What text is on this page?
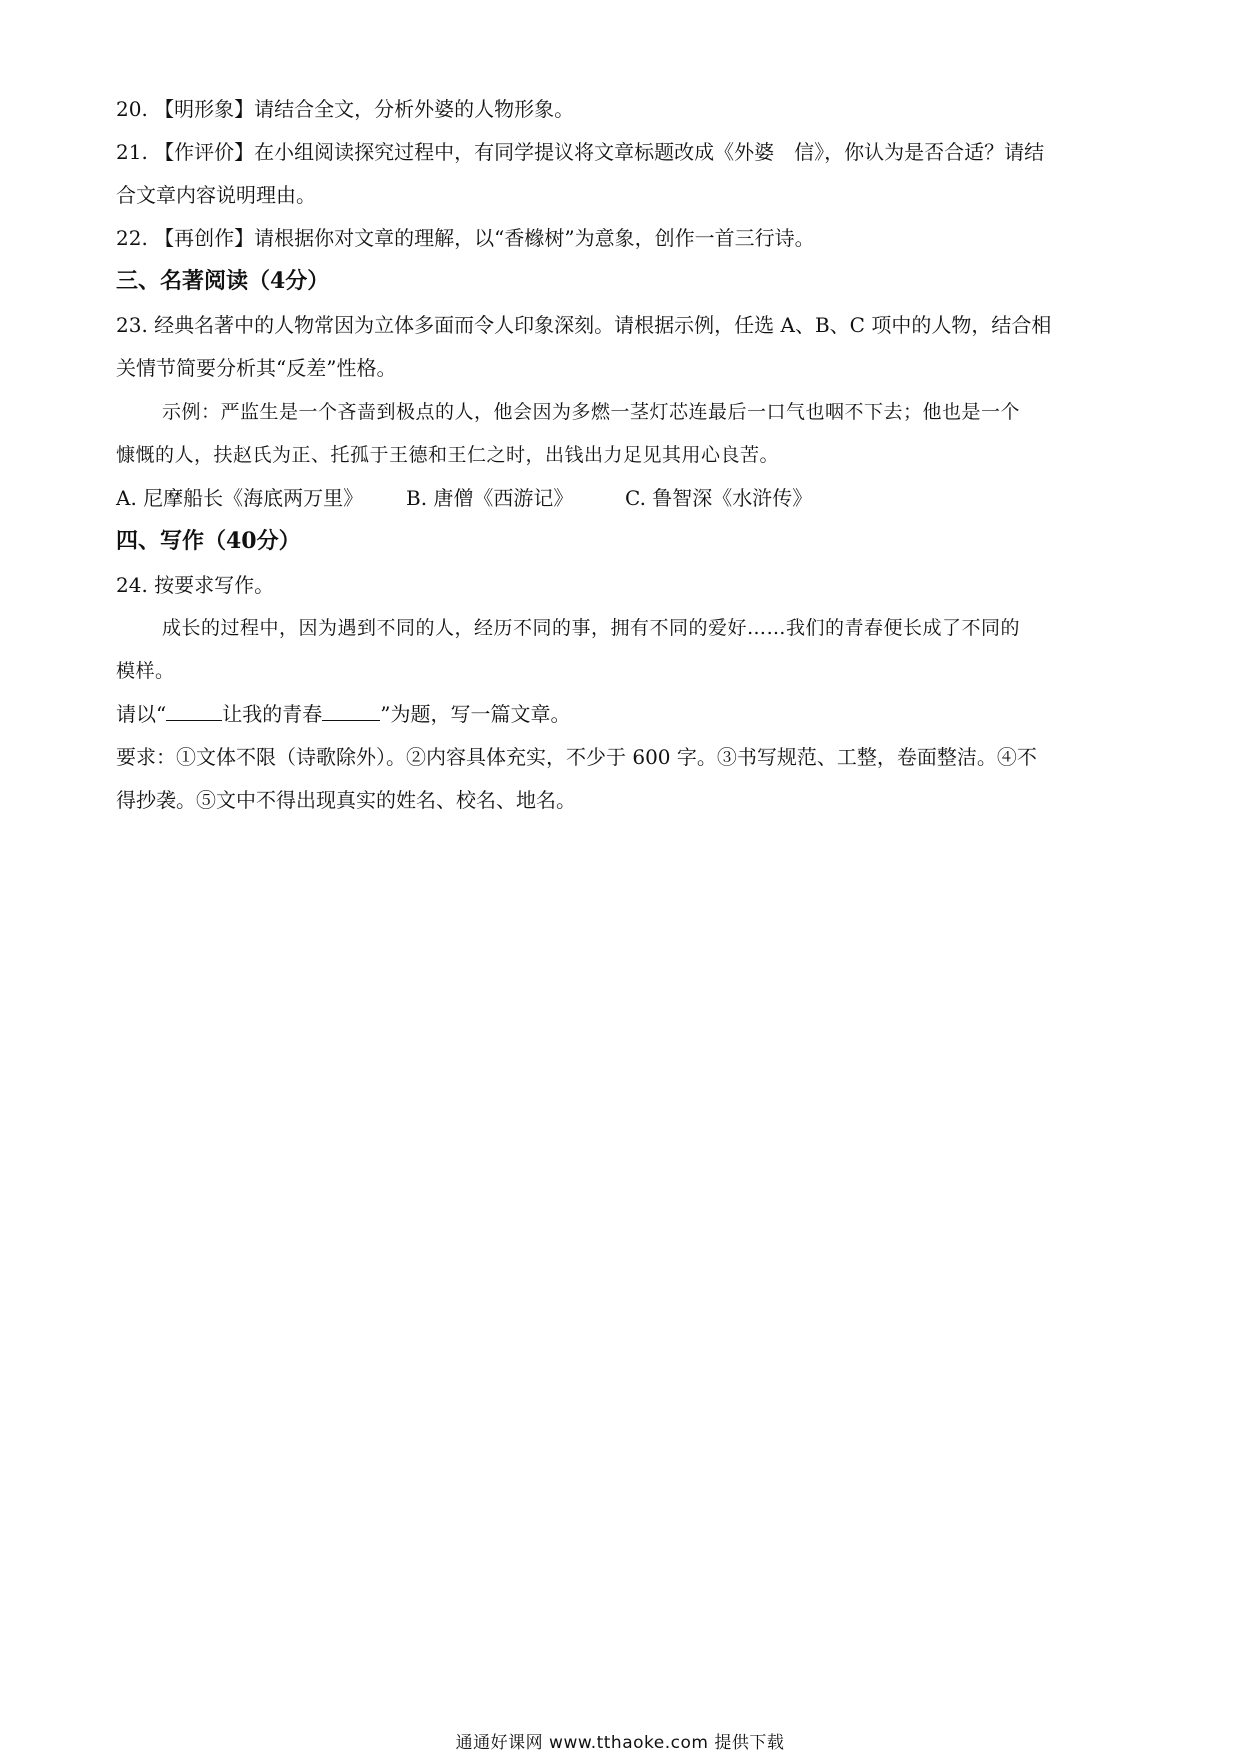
20. 【明形象】请结合全文，分析外婆的人物形象。
21. 【作评价】在小组阅读探究过程中，有同学提议将文章标题改成《外婆　信》，你认为是否合适？请结
合文章内容说明理由。
22. 【再创作】请根据你对文章的理解，以“香橼树”为意象，创作一首三行诗。
三、名著阅读（4分）
23. 经典名著中的人物常因为立体多面而令人印象深刻。请根据示例，任选 A、B、C 项中的人物，结合相
关情节简要分析其“反差”性格。
示例：严监生是一个吝啬到极点的人，他会因为多燃一茎灯芯连最后一口气也咽不下去；他也是一个
慷慨的人，扶赵氏为正、托孤于王德和王仁之时，出钱出力足见其用心良苦。
A. 尼摩船长《海底两万里》 B. 唐僧《西游记》	C. 鲁智深《水浒传》
四、写作（40分）
24. 按要求写作。
成长的过程中，因为遇到不同的人，经历不同的事，拥有不同的爱好……我们的青春便长成了不同的
模样。
请以“	让我的青春	”为题，写一篇文章。
要求：①文体不限（诗歌除外）。②内容具体充实，不少于 600 字。③书写规范、工整，卷面整洁。④不
得抄袭。⑤文中不得出现真实的姓名、校名、地名。
通通好课网 www.tthaoke.com 提供下载
